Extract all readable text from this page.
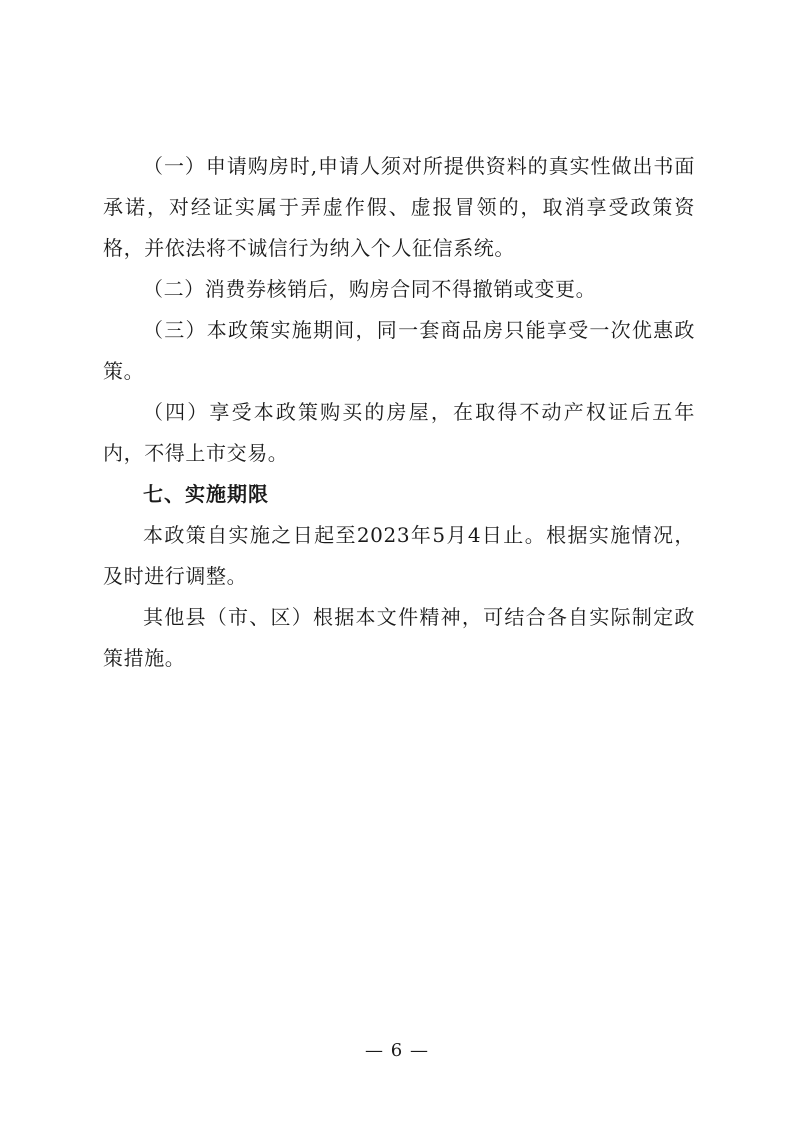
（一）申请购房时,申请人须对所提供资料的真实性做出书面承诺，对经证实属于弄虚作假、虚报冒领的，取消享受政策资格，并依法将不诚信行为纳入个人征信系统。

（二）消费券核销后，购房合同不得撤销或变更。

（三）本政策实施期间，同一套商品房只能享受一次优惠政策。

（四）享受本政策购买的房屋，在取得不动产权证后五年内，不得上市交易。

七、实施期限

本政策自实施之日起至2023年5月4日止。根据实施情况，及时进行调整。

其他县（市、区）根据本文件精神，可结合各自实际制定政策措施。

— 6 —
